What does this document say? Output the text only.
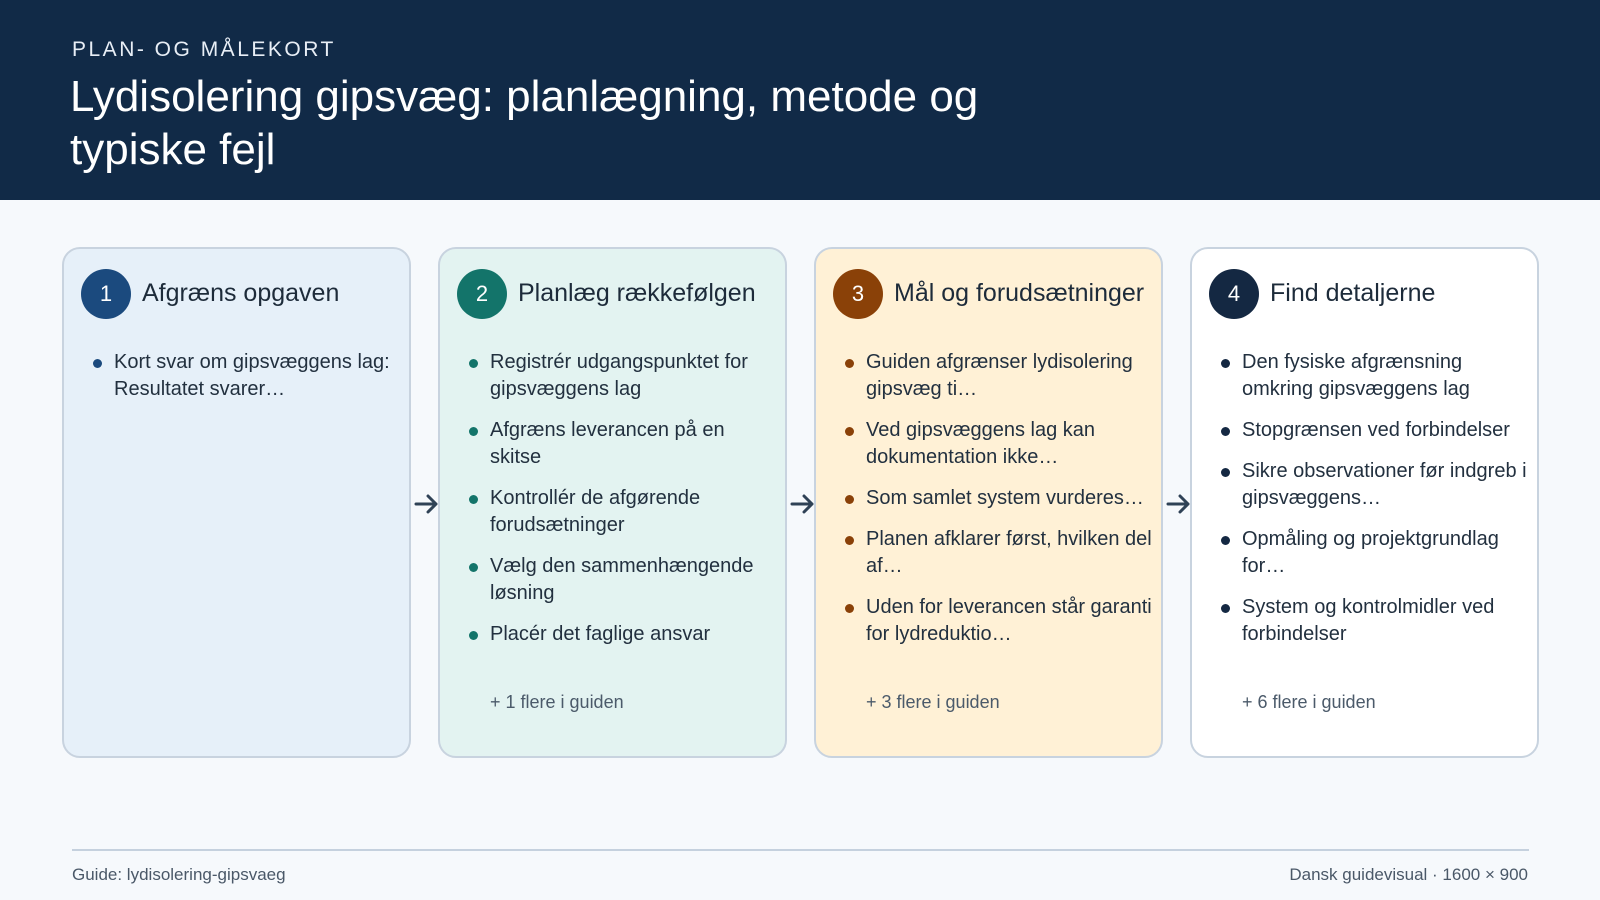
PLAN- OG MÅLEKORT
Lydisolering gipsvæg: planlægning, metode og typiske fejl
1	Afgræns opgaven
Kort svar om gipsvæggens lag: Resultatet svarer…
2	Planlæg rækkefølgen
Registrér udgangspunktet for gipsvæggens lag
Afgræns leverancen på en skitse
Kontrollér de afgørende forudsætninger
Vælg den sammenhængende løsning
Placér det faglige ansvar
+ 1 flere i guiden
3	Mål og forudsætninger
Guiden afgrænser lydisolering gipsvæg ti…
Ved gipsvæggens lag kan dokumentation ikke…
Som samlet system vurderes…
Planen afklarer først, hvilken del af…
Uden for leverancen står garanti for lydreduktio…
+ 3 flere i guiden
4	Find detaljerne
Den fysiske afgrænsning omkring gipsvæggens lag
Stopgrænsen ved forbindelser
Sikre observationer før indgreb i gipsvæggens…
Opmåling og projektgrundlag for…
System og kontrolmidler ved forbindelser
+ 6 flere i guiden
Guide: lydisolering-gipsvaeg	Dansk guidevisual · 1600 × 900
